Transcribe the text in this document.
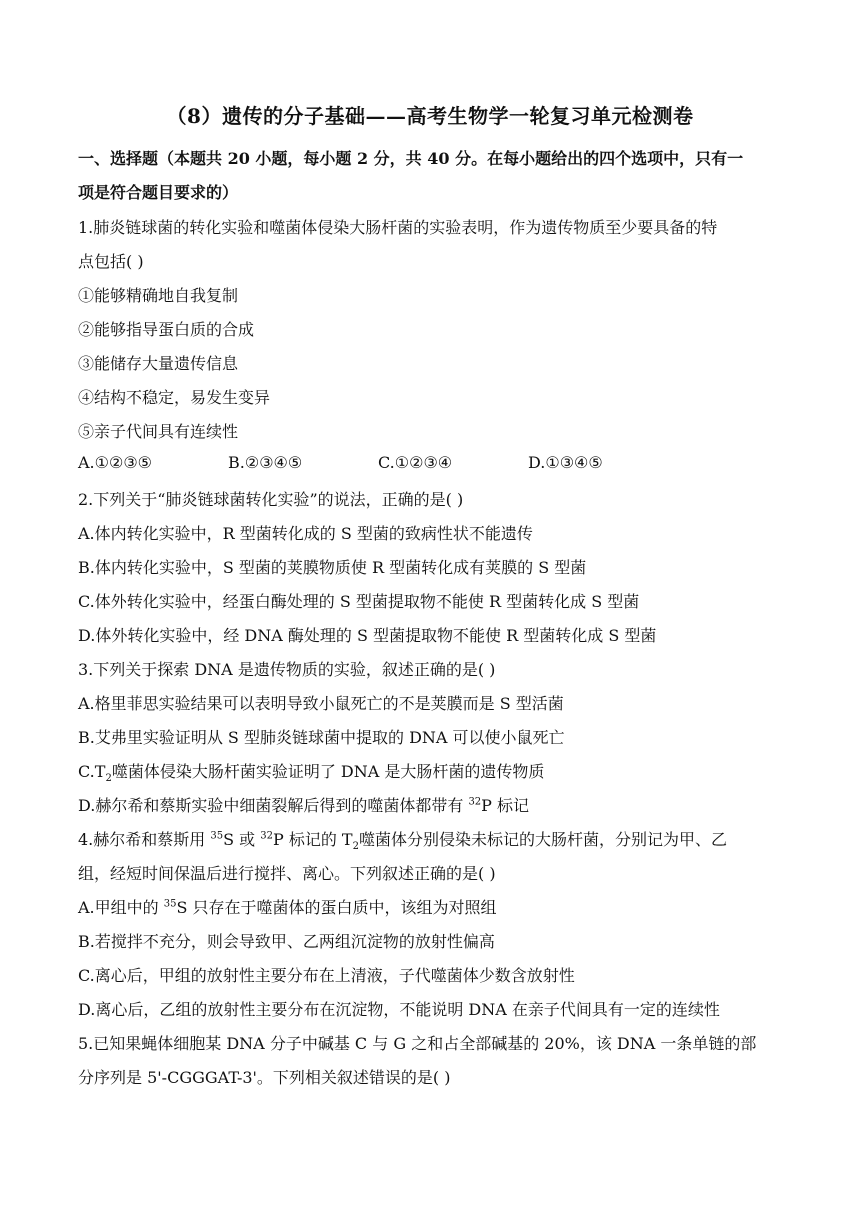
（8）遗传的分子基础——高考生物学一轮复习单元检测卷
一、选择题（本题共 20 小题，每小题 2 分，共 40 分。在每小题给出的四个选项中，只有一
项是符合题目要求的）
1.肺炎链球菌的转化实验和噬菌体侵染大肠杆菌的实验表明，作为遗传物质至少要具备的特
点包括( )
①能够精确地自我复制
②能够指导蛋白质的合成
③能储存大量遗传信息
④结构不稳定，易发生变异
⑤亲子代间具有连续性
A.①②③⑤	B.②③④⑤	C.①②③④	D.①③④⑤
2.下列关于“肺炎链球菌转化实验”的说法，正确的是( )
A.体内转化实验中，R 型菌转化成的 S 型菌的致病性状不能遗传
B.体内转化实验中，S 型菌的荚膜物质使 R 型菌转化成有荚膜的 S 型菌
C.体外转化实验中，经蛋白酶处理的 S 型菌提取物不能使 R 型菌转化成 S 型菌
D.体外转化实验中，经 DNA 酶处理的 S 型菌提取物不能使 R 型菌转化成 S 型菌
3.下列关于探索 DNA 是遗传物质的实验，叙述正确的是( )
A.格里菲思实验结果可以表明导致小鼠死亡的不是荚膜而是 S 型活菌
B.艾弗里实验证明从 S 型肺炎链球菌中提取的 DNA 可以使小鼠死亡
$C.T_2$噬菌体侵染大肠杆菌实验证明了 DNA 是大肠杆菌的遗传物质
D.赫尔希和蔡斯实验中细菌裂解后得到的噬菌体都带有 $^{32}$P 标记
4.赫尔希和蔡斯用 $^{35}$S 或 $^{32}$P 标记的 $T_2$噬菌体分别侵染未标记的大肠杆菌，分别记为甲、乙
组，经短时间保温后进行搅拌、离心。下列叙述正确的是( )
A.甲组中的 $^{35}$S 只存在于噬菌体的蛋白质中，该组为对照组
B.若搅拌不充分，则会导致甲、乙两组沉淀物的放射性偏高
C.离心后，甲组的放射性主要分布在上清液，子代噬菌体少数含放射性
D.离心后，乙组的放射性主要分布在沉淀物，不能说明 DNA 在亲子代间具有一定的连续性
5.已知果蝇体细胞某 DNA 分子中碱基 C 与 G 之和占全部碱基的 20%，该 DNA 一条单链的部
分序列是 5'-CGGGAT-3'。下列相关叙述错误的是( )
